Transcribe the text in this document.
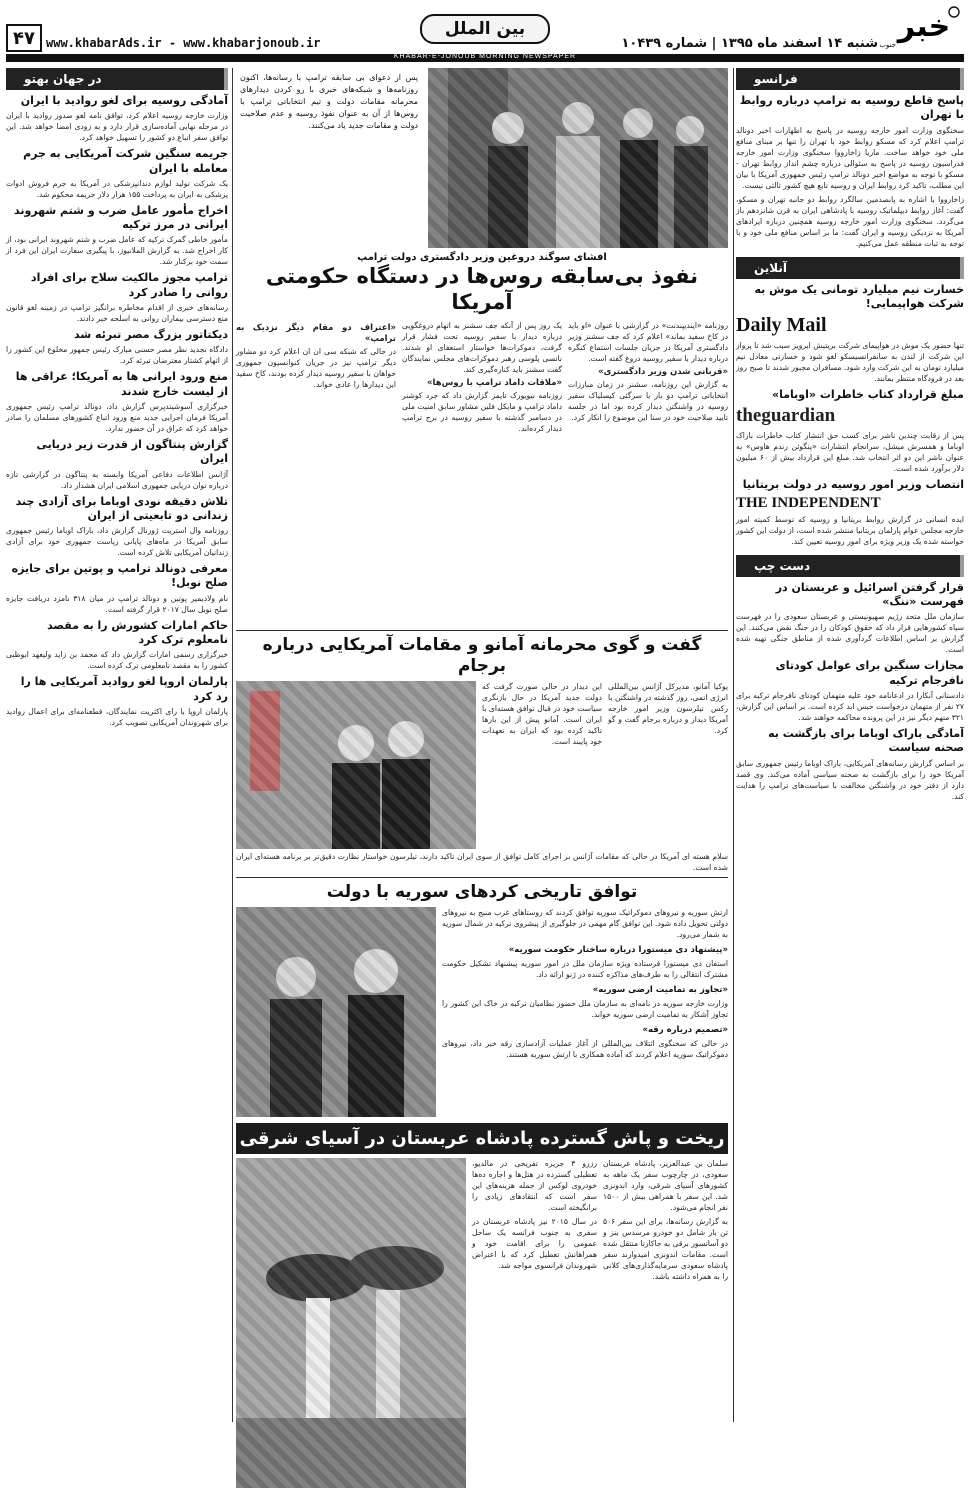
خبر
جنوب
شنبه ۱۴ اسفند ماه ۱۳۹۵ | شماره ۱۰۴۳۹
بین الملل
www.khabarAds.ir - www.khabarjonoub.ir
۴۷
KHABAR-E-JONOUB MORNING NEWSPAPER
فرانسو
پاسخ قاطع روسیه به ترامپ درباره روابط با تهران

سخنگوی وزارت امور خارجه روسیه در پاسخ به اظهارات اخیر دونالد ترامپ اعلام کرد که مسکو روابط خود با تهران را تنها بر مبنای منافع ملی خود خواهد ساخت. ماریا زاخارووا سخنگوی وزارت امور خارجه فدراسیون روسیه در پاسخ به سئوالی درباره چشم انداز روابط تهران - مسکو با توجه به مواضع اخیر دونالد ترامپ رئیس جمهوری آمریکا با بیان این مطلب، تاکید کرد روابط ایران و روسیه تابع هیچ کشور ثالثی نیست.

زاخارووا با اشاره به پانصدمین سالگرد روابط دو جانبه تهران و مسکو، گفت: آغاز روابط دیپلماتیک روسیه با پادشاهی ایران به قرن شانزدهم باز می‌گردد. سخنگوی وزارت امور خارجه روسیه همچنین درباره ایرادهای آمریکا به نزدیکی روسیه و ایران گفت: ما بر اساس منافع ملی خود و با توجه به ثبات منطقه عمل می‌کنیم.

آنلاین
خسارت نیم میلیارد تومانی یک موش به شرکت هواپیمایی!
Daily Mail
تنها حضور یک موش در هواپیمای شرکت بریتیش ایرویز سبب شد تا پرواز این شرکت از لندن به سانفرانسیسکو لغو شود و خسارتی معادل نیم میلیارد تومان به این شرکت وارد شود. مسافران مجبور شدند تا صبح روز بعد در فرودگاه منتظر بمانند.
مبلغ قرارداد کتاب خاطرات «اوباما»
theguardian
پس از رقابت چندین ناشر برای کسب حق انتشار کتاب خاطرات باراک اوباما و همسرش میشل، سرانجام انتشارات «پنگوئن رندم هاوس» به عنوان ناشر این دو اثر انتخاب شد. مبلغ این قرارداد بیش از ۶۰ میلیون دلار برآورد شده است.
انتصاب وزیر امور روسیه در دولت بریتانیا
THE INDEPENDENT
ایده انسانی در گزارش روابط بریتانیا و روسیه که توسط کمیته امور خارجه مجلس عوام پارلمان بریتانیا منتشر شده است، از دولت این کشور خواسته شده یک وزیر ویژه برای امور روسیه تعیین کند.
دست چپ
قرار گرفتن اسرائیل و عربستان در فهرست «ننگ»
سازمان ملل متحد رژیم صهیونیستی و عربستان سعودی را در فهرست سیاه کشورهایی قرار داد که حقوق کودکان را در جنگ نقض می‌کنند. این گزارش بر اساس اطلاعات گردآوری شده از مناطق جنگی تهیه شده است.
مجازات سنگین برای عوامل کودتای نافرجام ترکیه
دادستانی آنکارا در ادعانامه خود علیه متهمان کودتای نافرجام ترکیه برای ۲۷ نفر از متهمان درخواست حبس ابد کرده است. بر اساس این گزارش، ۳۲۱ متهم دیگر نیز در این پرونده محاکمه خواهند شد.
آمادگی باراک اوباما برای بازگشت به صحنه سیاست
بر اساس گزارش رسانه‌های آمریکایی، باراک اوباما رئیس جمهوری سابق آمریکا خود را برای بازگشت به صحنه سیاسی آماده می‌کند. وی قصد دارد از دفتر خود در واشنگتن مخالفت با سیاست‌های ترامپ را هدایت کند.
در جهان بهتو
آمادگی روسیه برای لغو روادید با ایران
وزارت خارجه روسیه اعلام کرد، توافق نامه لغو صدور روادید با ایران در مرحله نهایی آماده‌سازی قرار دارد و به زودی امضا خواهد شد. این توافق سفر اتباع دو کشور را تسهیل خواهد کرد.
جریمه سنگین شرکت آمریکایی به جرم معامله با ایران
یک شرکت تولید لوازم دندانپزشکی در آمریکا به جرم فروش ادوات پزشکی به ایران به پرداخت ۱۵۵ هزار دلار جریمه محکوم شد.
اخراج مأمور عامل ضرب و شتم شهروند ایرانی در مرز ترکیه
مأمور خاطی گمرک ترکیه که عامل ضرب و شتم شهروند ایرانی بود، از کار اخراج شد. به گزارش الملانیوز، با پیگیری سفارت ایران این فرد از سمت خود برکنار شد.
ترامپ مجوز مالکیت سلاح برای افراد روانی را صادر کرد
رسانه‌های خبری از اقدام مخاطره برانگیز ترامپ در زمینه لغو قانون منع دسترسی بیماران روانی به اسلحه خبر دادند.
دیکتاتور بزرگ مصر تبرئه شد
دادگاه تجدید نظر مصر حسنی مبارک رئیس جمهور مخلوع این کشور را از اتهام کشتار معترضان تبرئه کرد.
منع ورود ایرانی ها به آمریکا؛ عراقی ها از لیست خارج شدند
خبرگزاری آسوشیتدپرس گزارش داد، دونالد ترامپ رئیس جمهوری آمریکا فرمان اجرایی جدید منع ورود اتباع کشورهای مسلمان را صادر خواهد کرد که عراق در آن حضور ندارد.
گزارش پنتاگون از قدرت زیر دریایی ایران
آژانس اطلاعات دفاعی آمریکا وابسته به پنتاگون در گزارشی تازه درباره توان دریایی جمهوری اسلامی ایران هشدار داد.
تلاش دقیقه نودی اوباما برای آزادی چند زندانی دو تابعیتی از ایران
روزنامه وال استریت ژورنال گزارش داد، باراک اوباما رئیس جمهوری سابق آمریکا در ماه‌های پایانی ریاست جمهوری خود برای آزادی زندانیان آمریکایی تلاش کرده است.
معرفی دونالد ترامپ و پوتین برای جایزه صلح نوبل!
نام ولادیمیر پوتین و دونالد ترامپ در میان ۳۱۸ نامزد دریافت جایزه صلح نوبل سال ۲۰۱۷ قرار گرفته است.
حاکم امارات کشورش را به مقصد نامعلوم ترک کرد
خبرگزاری رسمی امارات گزارش داد که محمد بن زاید ولیعهد ابوظبی کشور را به مقصد نامعلومی ترک کرده است.
پارلمان اروپا لغو روادید آمریکایی ها را رد کرد
پارلمان اروپا با رای اکثریت نمایندگان، قطعنامه‌ای برای اعمال روادید برای شهروندان آمریکایی تصویب کرد.
پس از دعوای بی سابقه ترامپ با رسانه‌ها، اکنون روزنامه‌ها و شبکه‌های خبری با رو کردن دیدارهای محرمانه مقامات دولت و تیم انتخاباتی ترامپ با روس‌ها از آن به عنوان نفوذ روسیه و عدم صلاحیت دولت و مقامات جدید یاد می‌کنند.
افشای سوگند دروغین وزیر دادگستری دولت ترامپ
نفوذ بی‌سابقه روس‌ها در دستگاه حکومتی آمریکا

روزنامه «ایندیپندنت» در گزارشی با عنوان «او باید در کاخ سفید بماند» اعلام کرد که جف سشنز وزیر دادگستری آمریکا در جریان جلسات استماع کنگره درباره دیدار با سفیر روسیه دروغ گفته است.

«قربانی شدن وزیر دادگستری»

به گزارش این روزنامه، سشنز در زمان مبارزات انتخاباتی ترامپ دو بار با سرگئی کیسلیاک سفیر روسیه در واشنگتن دیدار کرده بود اما در جلسه تایید صلاحیت خود در سنا این موضوع را انکار کرد.

یک روز پس از آنکه جف سشنز به اتهام دروغگویی درباره دیدار با سفیر روسیه تحت فشار قرار گرفت، دموکرات‌ها خواستار استعفای او شدند. نانسی پلوسی رهبر دموکرات‌های مجلس نمایندگان گفت سشنز باید کناره‌گیری کند.

«ملاقات داماد ترامپ با روس‌ها»

روزنامه نیویورک تایمز گزارش داد که جرد کوشنر داماد ترامپ و مایکل فلین مشاور سابق امنیت ملی در دسامبر گذشته با سفیر روسیه در برج ترامپ دیدار کرده‌اند.

«اعتراف دو مقام دیگر نزدیک به ترامپ»

در حالی که شبکه سی ان ان اعلام کرد دو مشاور دیگر ترامپ نیز در جریان کنوانسیون جمهوری خواهان با سفیر روسیه دیدار کرده بودند، کاخ سفید این دیدارها را عادی خواند.

گفت و گوی محرمانه آمانو و مقامات آمریکایی درباره برجام
یوکیا آمانو، مدیرکل آژانس بین‌المللی انرژی اتمی، روز گذشته در واشنگتن با رکس تیلرسون وزیر امور خارجه آمریکا دیدار و درباره برجام گفت و گو کرد.
این دیدار در حالی صورت گرفت که دولت جدید آمریکا در حال بازنگری سیاست خود در قبال توافق هسته‌ای با ایران است. آمانو پیش از این بارها تاکید کرده بود که ایران به تعهدات خود پایبند است.
سلام هسته ای آمریکا در حالی که مقامات آژانس بر اجرای کامل توافق از سوی ایران تاکید دارند، تیلرسون خواستار نظارت دقیق‌تر بر برنامه هسته‌ای ایران شده است.
توافق تاریخی کردهای سوریه با دولت
ارتش سوریه و نیروهای دموکراتیک سوریه توافق کردند که روستاهای غرب منبج به نیروهای دولتی تحویل داده شود. این توافق گام مهمی در جلوگیری از پیشروی ترکیه در شمال سوریه به شمار می‌رود.
«پیشنهاد دی میستورا درباره ساختار حکومت سوریه»
استفان دی میستورا فرستاده ویژه سازمان ملل در امور سوریه پیشنهاد تشکیل حکومت مشترک انتقالی را به طرف‌های مذاکره کننده در ژنو ارائه داد.
«تجاوز به تمامیت ارضی سوریه»
وزارت خارجه سوریه در نامه‌ای به سازمان ملل حضور نظامیان ترکیه در خاک این کشور را تجاوز آشکار به تمامیت ارضی سوریه خواند.
«تصمیم درباره رقه»
در حالی که سخنگوی ائتلاف بین‌المللی از آغاز عملیات آزادسازی رقه خبر داد، نیروهای دموکراتیک سوریه اعلام کردند که آماده همکاری با ارتش سوریه هستند.
ریخت و پاش گسترده پادشاه عربستان در آسیای شرقی

سلمان بن عبدالعزیز، پادشاه عربستان سعودی، در چارچوب سفر یک ماهه به کشورهای آسیای شرقی، وارد اندونزی شد. این سفر با همراهی بیش از ۱۵۰۰ نفر انجام می‌شود.

به گزارش رسانه‌ها، برای این سفر ۵۰۶ تن بار شامل دو خودرو مرسدس بنز و دو آسانسور برقی به جاکارتا منتقل شده است. مقامات اندونزی امیدوارند سفر پادشاه سعودی سرمایه‌گذاری‌های کلانی را به همراه داشته باشد.

رزرو ۳ جزیره تفریحی در مالدیو، تعطیلی گسترده در هتل‌ها و اجاره ده‌ها خودروی لوکس از جمله هزینه‌های این سفر است که انتقادهای زیادی را برانگیخته است.

در سال ۲۰۱۵ نیز پادشاه عربستان در سفری به جنوب فرانسه یک ساحل عمومی را برای اقامت خود و همراهانش تعطیل کرد که با اعتراض شهروندان فرانسوی مواجه شد.
